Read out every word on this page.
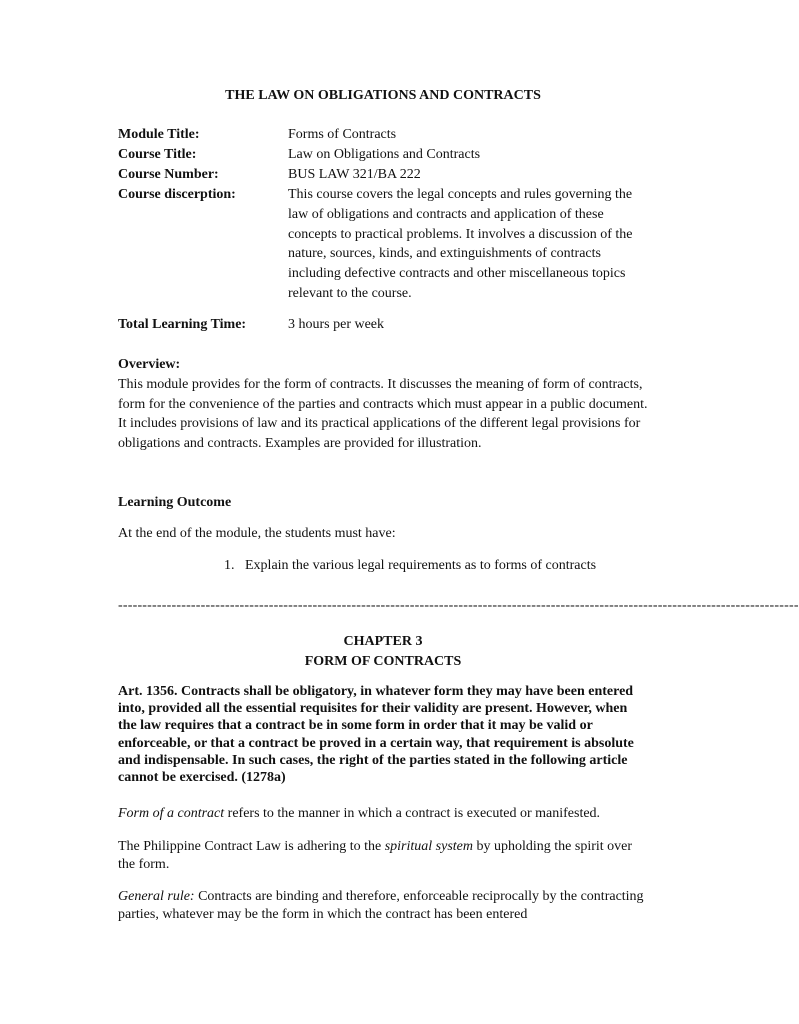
THE LAW ON OBLIGATIONS AND CONTRACTS
Module Title:	Forms of Contracts
Course Title:	Law on Obligations and Contracts
Course Number:	BUS LAW 321/BA 222
Course discerption:	This course covers the legal concepts and rules governing the law of obligations and contracts and application of these concepts to practical problems. It involves a discussion of the nature, sources, kinds, and extinguishments of contracts including defective contracts and other miscellaneous topics relevant to the course.
Total Learning Time:	3 hours per week

Overview:

This module provides for the form of contracts. It discusses the meaning of form of contracts, form for the convenience of the parties and contracts which must appear in a public document. It includes provisions of law and its practical applications of the different legal provisions for obligations and contracts. Examples are provided for illustration.

Learning Outcome
At the end of the module, the students must have:
1. Explain the various legal requirements as to forms of contracts
--------------------------------------------------------------------------------------------------------------------------------------------

CHAPTER 3

FORM OF CONTRACTS

Art. 1356. Contracts shall be obligatory, in whatever form they may have been entered into, provided all the essential requisites for their validity are present. However, when the law requires that a contract be in some form in order that it may be valid or enforceable, or that a contract be proved in a certain way, that requirement is absolute and indispensable. In such cases, the right of the parties stated in the following article cannot be exercised. (1278a)
Form of a contract refers to the manner in which a contract is executed or manifested.
The Philippine Contract Law is adhering to the spiritual system by upholding the spirit over the form.
General rule: Contracts are binding and therefore, enforceable reciprocally by the contracting parties, whatever may be the form in which the contract has been entered
